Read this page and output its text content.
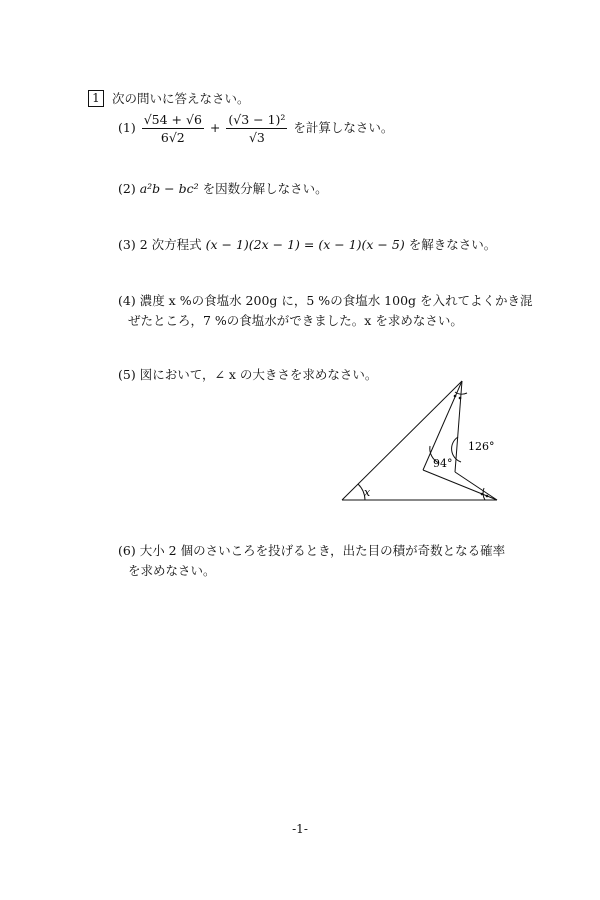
1 次の問いに答えなさい。
$(1) \frac{√54 + √6}{6√2} + \frac{\text{(√3 − 1)²}}{√3}$ を計算しなさい。
(2) a²b − bc² を因数分解しなさい。
(3) 2 次方程式 (x − 1)(2x − 1) = (x − 1)(x − 5) を解きなさい。
(4) 濃度 x %の食塩水 200g に，5 %の食塩水 100g を入れてよくかき混
ぜたところ，7 %の食塩水ができました。x を求めなさい。
(5) 図において，∠ x の大きさを求めなさい。
(6) 大小 2 個のさいころを投げるとき，出た目の積が奇数となる確率
を求めなさい。
x
126°
94°
-1-
